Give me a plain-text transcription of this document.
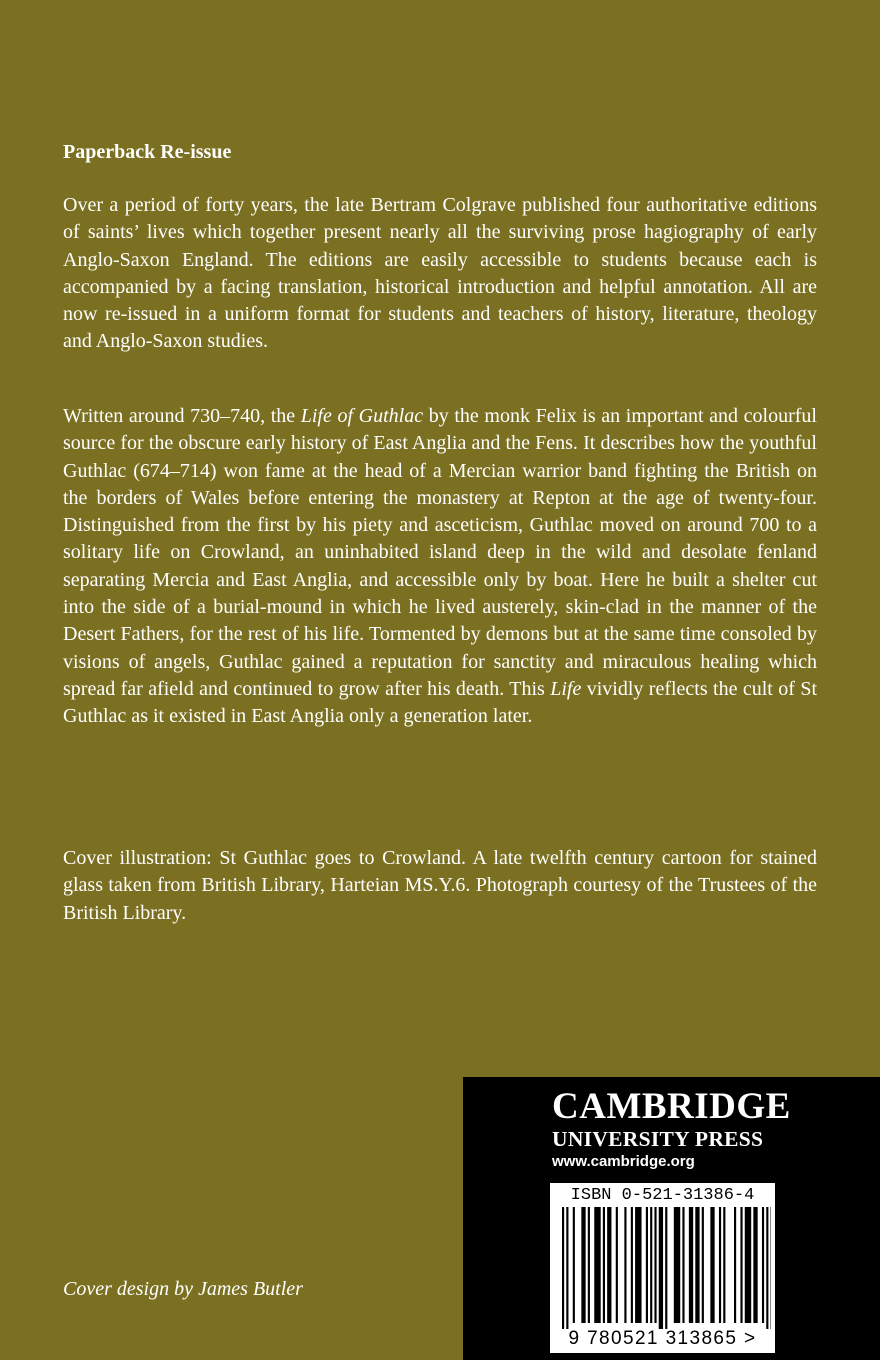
Paperback Re-issue

Over a period of forty years, the late Bertram Colgrave published four authoritative editions of saints’ lives which together present nearly all the surviving prose hagiography of early Anglo-Saxon England. The editions are easily accessible to students because each is accompanied by a facing translation, historical introduction and helpful annotation. All are now re-issued in a uniform format for students and teachers of history, literature, theology and Anglo-Saxon studies.

Written around 730–740, the Life of Guthlac by the monk Felix is an important and colourful source for the obscure early history of East Anglia and the Fens. It describes how the youthful Guthlac (674–714) won fame at the head of a Mercian warrior band fighting the British on the borders of Wales before entering the monastery at Repton at the age of twenty-four. Distinguished from the first by his piety and asceticism, Guthlac moved on around 700 to a solitary life on Crowland, an uninhabited island deep in the wild and desolate fenland separating Mercia and East Anglia, and accessible only by boat. Here he built a shelter cut into the side of a burial-mound in which he lived austerely, skin-clad in the manner of the Desert Fathers, for the rest of his life. Tormented by demons but at the same time consoled by visions of angels, Guthlac gained a reputation for sanctity and miraculous healing which spread far afield and continued to grow after his death. This Life vividly reflects the cult of St Guthlac as it existed in East Anglia only a generation later.

Cover illustration: St Guthlac goes to Crowland. A late twelfth century cartoon for stained glass taken from British Library, Harteian MS.Y.6. Photograph courtesy of the Trustees of the British Library.

Cover design by James Butler

CAMBRIDGE

UNIVERSITY PRESS

www.cambridge.org

ISBN 0-521-31386-4

9 780521 313865 >
